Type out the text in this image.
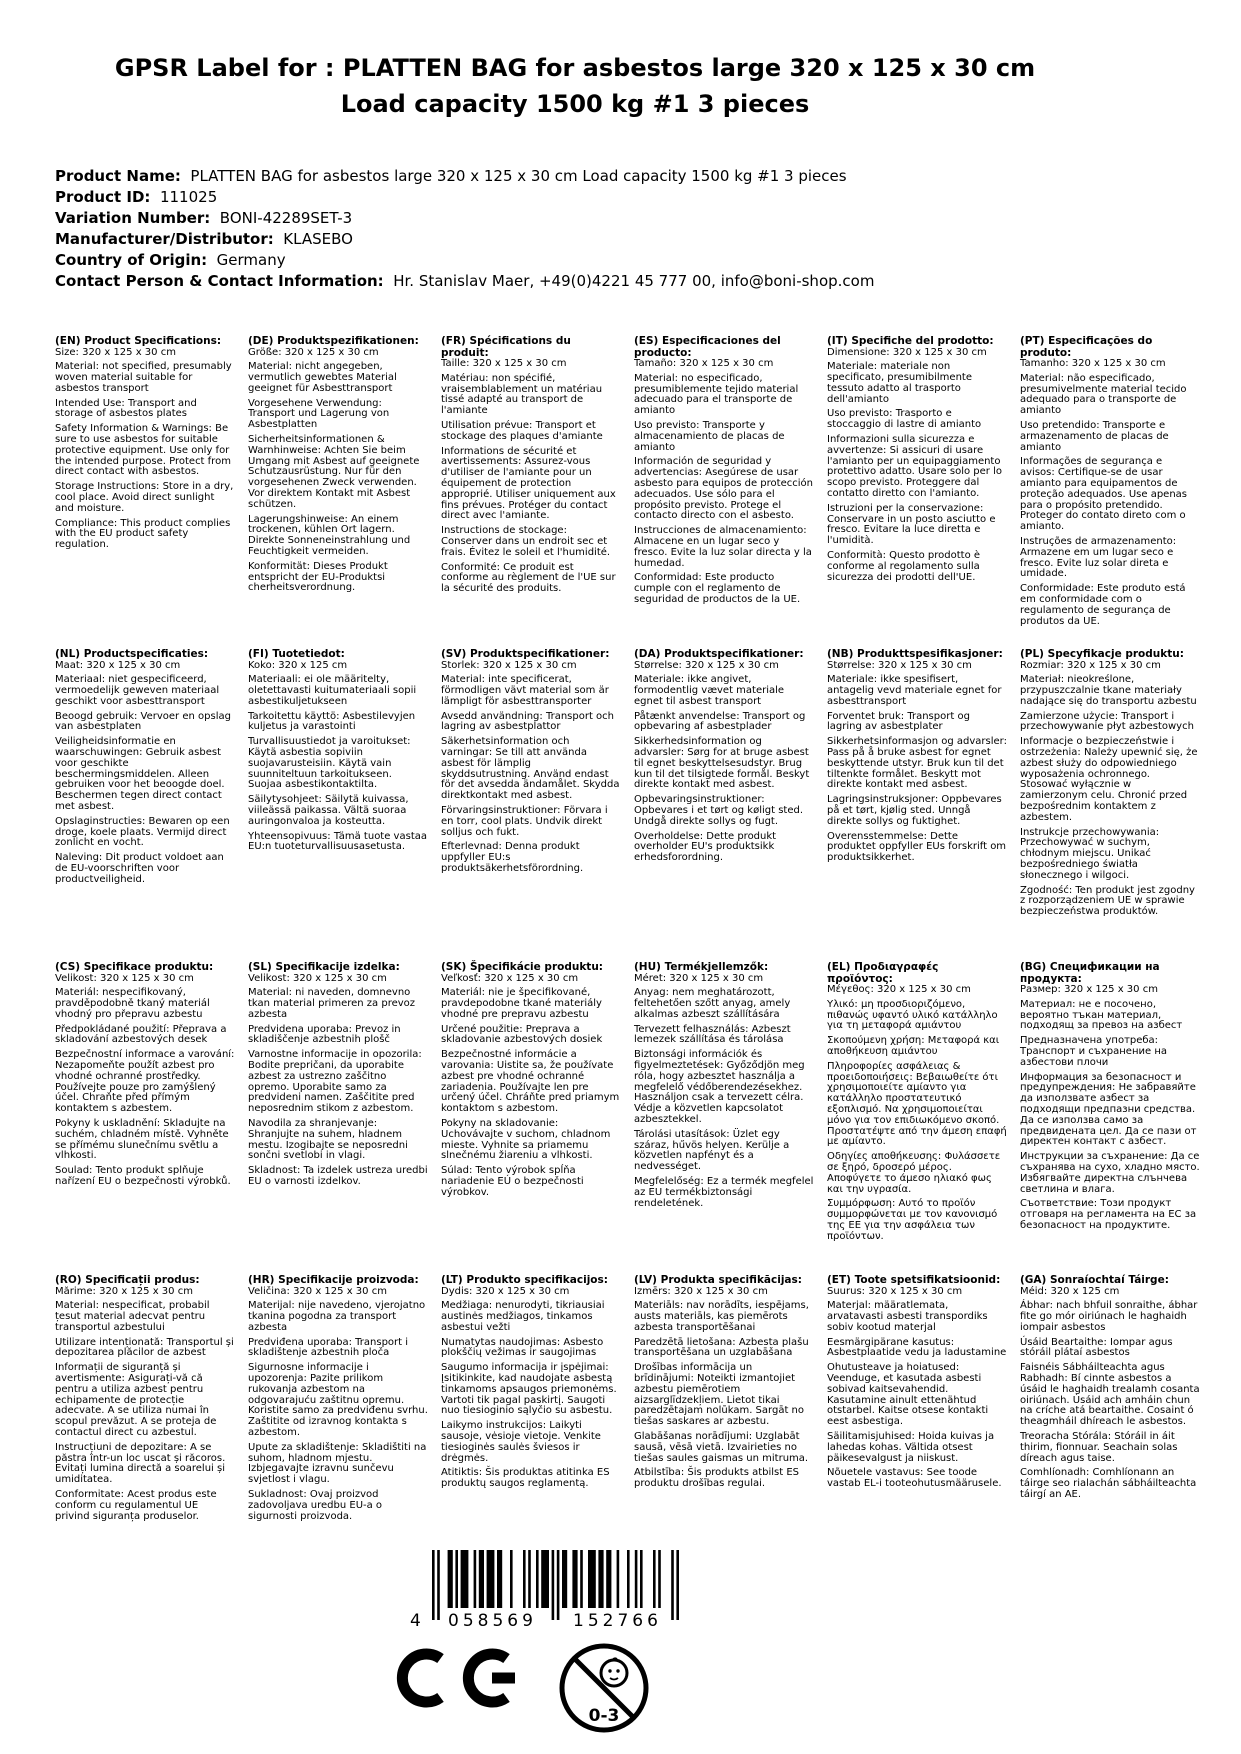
GPSR Label for : PLATTEN BAG for asbestos large 320 x 125 x 30 cm
Load capacity 1500 kg #1 3 pieces
Product Name:  PLATTEN BAG for asbestos large 320 x 125 x 30 cm Load capacity 1500 kg #1 3 pieces
Product ID:  111025
Variation Number:  BONI-42289SET-3
Manufacturer/Distributor:  KLASEBO
Country of Origin:  Germany
Contact Person & Contact Information:  Hr. Stanislav Maer, +49(0)4221 45 777 00, info@boni-shop.com
(EN) Product Specifications:

Size: 320 x 125 x 30 cm

Material: not specified, presumably woven material suitable for asbestos transport

Intended Use: Transport and storage of asbestos plates

Safety Information & Warnings: Be sure to use asbestos for suitable protective equipment. Use only for the intended purpose. Protect from direct contact with asbestos.

Storage Instructions: Store in a dry, cool place. Avoid direct sunlight and moisture.

Compliance: This product complies with the EU product safety regulation.

(DE) Produktspezifikationen:

Größe: 320 x 125 x 30 cm

Material: nicht angegeben, vermutlich gewebtes Material geeignet für Asbesttransport

Vorgesehene Verwendung: Transport und Lagerung von Asbestplatten

Sicherheitsinformationen & Warnhinweise: Achten Sie beim Umgang mit Asbest auf geeignete Schutzausrüstung. Nur für den vorgesehenen Zweck verwenden. Vor direktem Kontakt mit Asbest schützen.

Lagerungshinweise: An einem trockenen, kühlen Ort lagern. Direkte Sonneneinstrahlung und Feuchtigkeit vermeiden.

Konformität: Dieses Produkt entspricht der EU-Produktsi cherheitsverordnung.

(FR) Spécifications du produit:

Taille: 320 x 125 x 30 cm

Matériau: non spécifié, vraisemblablement un matériau tissé adapté au transport de l'amiante

Utilisation prévue: Transport et stockage des plaques d'amiante

Informations de sécurité et avertissements: Assurez-vous d'utiliser de l'amiante pour un équipement de protection approprié. Utiliser uniquement aux fins prévues. Protéger du contact direct avec l'amiante.

Instructions de stockage: Conserver dans un endroit sec et frais. Évitez le soleil et l'humidité.

Conformité: Ce produit est conforme au règlement de l'UE sur la sécurité des produits.

(ES) Especificaciones del producto:

Tamaño: 320 x 125 x 30 cm

Material: no especificado, presumiblemente tejido material adecuado para el transporte de amianto

Uso previsto: Transporte y almacenamiento de placas de amianto

Información de seguridad y advertencias: Asegúrese de usar asbesto para equipos de protección adecuados. Use sólo para el propósito previsto. Protege el contacto directo con el asbesto.

Instrucciones de almacenamiento: Almacene en un lugar seco y fresco. Evite la luz solar directa y la humedad.

Conformidad: Este producto cumple con el reglamento de seguridad de productos de la UE.

(IT) Specifiche del prodotto:

Dimensione: 320 x 125 x 30 cm

Materiale: materiale non specificato, presumibilmente tessuto adatto al trasporto dell'amianto

Uso previsto: Trasporto e stoccaggio di lastre di amianto

Informazioni sulla sicurezza e avvertenze: Si assicuri di usare l'amianto per un equipaggiamento protettivo adatto. Usare solo per lo scopo previsto. Proteggere dal contatto diretto con l'amianto.

Istruzioni per la conservazione: Conservare in un posto asciutto e fresco. Evitare la luce diretta e l'umidità.

Conformità: Questo prodotto è conforme al regolamento sulla sicurezza dei prodotti dell'UE.

(PT) Especificações do produto:

Tamanho: 320 x 125 x 30 cm

Material: não especificado, presumivelmente material tecido adequado para o transporte de amianto

Uso pretendido: Transporte e armazenamento de placas de amianto

Informações de segurança e avisos: Certifique-se de usar amianto para equipamentos de proteção adequados. Use apenas para o propósito pretendido. Proteger do contato direto com o amianto.

Instruções de armazenamento: Armazene em um lugar seco e fresco. Evite luz solar direta e umidade.

Conformidade: Este produto está em conformidade com o regulamento de segurança de produtos da UE.

(NL) Productspecificaties:

Maat: 320 x 125 x 30 cm

Materiaal: niet gespecificeerd, vermoedelijk geweven materiaal geschikt voor asbesttransport

Beoogd gebruik: Vervoer en opslag van asbestplaten

Veiligheidsinformatie en waarschuwingen: Gebruik asbest voor geschikte beschermingsmiddelen. Alleen gebruiken voor het beoogde doel. Beschermen tegen direct contact met asbest.

Opslaginstructies: Bewaren op een droge, koele plaats. Vermijd direct zonlicht en vocht.

Naleving: Dit product voldoet aan de EU-voorschriften voor productveiligheid.

(FI) Tuotetiedot:

Koko: 320 x 125 cm

Materiaali: ei ole määritelty, oletettavasti kuitumateriaali sopii asbestikuljetukseen

Tarkoitettu käyttö: Asbestilevyjen kuljetus ja varastointi

Turvallisuustiedot ja varoitukset: Käytä asbestia sopiviin suojavarusteisiin. Käytä vain suunniteltuun tarkoitukseen. Suojaa asbestikontaktilta.

Säilytysohjeet: Säilytä kuivassa, viileässä paikassa. Vältä suoraa auringonvaloa ja kosteutta.

Yhteensopivuus: Tämä tuote vastaa EU:n tuoteturvallisuusasetusta.

(SV) Produktspecifikationer:

Storlek: 320 x 125 x 30 cm

Material: inte specificerat, förmodligen vävt material som är lämpligt för asbesttransporter

Avsedd användning: Transport och lagring av asbestplattor

Säkerhetsinformation och varningar: Se till att använda asbest för lämplig skyddsutrustning. Använd endast för det avsedda ändamålet. Skydda direktkontakt med asbest.

Förvaringsinstruktioner: Förvara i en torr, cool plats. Undvik direkt solljus och fukt.

Efterlevnad: Denna produkt uppfyller EU:s produktsäkerhetsförordning.

(DA) Produktspecifikationer:

Størrelse: 320 x 125 x 30 cm

Materiale: ikke angivet, formodentlig vævet materiale egnet til asbest transport

Påtænkt anvendelse: Transport og opbevaring af asbestplader

Sikkerhedsinformation og advarsler: Sørg for at bruge asbest til egnet beskyttelsesudstyr. Brug kun til det tilsigtede formål. Beskyt direkte kontakt med asbest.

Opbevaringsinstruktioner: Opbevares i et tørt og køligt sted. Undgå direkte sollys og fugt.

Overholdelse: Dette produkt overholder EU's produktsikk erhedsforordning.

(NB) Produkttspesifikasjoner:

Størrelse: 320 x 125 x 30 cm

Materiale: ikke spesifisert, antagelig vevd materiale egnet for asbesttransport

Forventet bruk: Transport og lagring av asbestplater

Sikkerhetsinformasjon og advarsler: Pass på å bruke asbest for egnet beskyttende utstyr. Bruk kun til det tiltenkte formålet. Beskytt mot direkte kontakt med asbest.

Lagringsinstruksjoner: Oppbevares på et tørt, kjølig sted. Unngå direkte sollys og fuktighet.

Overensstemmelse: Dette produktet oppfyller EUs forskrift om produktsikkerhet.

(PL) Specyfikacje produktu:

Rozmiar: 320 x 125 x 30 cm

Materiał: nieokreślone, przypuszczalnie tkane materiały nadające się do transportu azbestu

Zamierzone użycie: Transport i przechowywanie płyt azbestowych

Informacje o bezpieczeństwie i ostrzeżenia: Należy upewnić się, że azbest służy do odpowiedniego wyposażenia ochronnego. Stosować wyłącznie w zamierzonym celu. Chronić przed bezpośrednim kontaktem z azbestem.

Instrukcje przechowywania: Przechowywać w suchym, chłodnym miejscu. Unikać bezpośredniego światła słonecznego i wilgoci.

Zgodność: Ten produkt jest zgodny z rozporządzeniem UE w sprawie bezpieczeństwa produktów.

(CS) Specifikace produktu:

Velikost: 320 x 125 x 30 cm

Materiál: nespecifikovaný, pravděpodobně tkaný materiál vhodný pro přepravu azbestu

Předpokládané použití: Přeprava a skladování azbestových desek

Bezpečnostní informace a varování: Nezapomeňte použít azbest pro vhodné ochranné prostředky. Používejte pouze pro zamýšlený účel. Chraňte před přímým kontaktem s azbestem.

Pokyny k uskladnění: Skladujte na suchém, chladném místě. Vyhněte se přímému slunečnímu světlu a vlhkosti.

Soulad: Tento produkt splňuje nařízení EU o bezpečnosti výrobků.

(SL) Specifikacije izdelka:

Velikost: 320 x 125 x 30 cm

Material: ni naveden, domnevno tkan material primeren za prevoz azbesta

Predvidena uporaba: Prevoz in skladiščenje azbestnih plošč

Varnostne informacije in opozorila: Bodite prepričani, da uporabite azbest za ustrezno zaščitno opremo. Uporabite samo za predvideni namen. Zaščitite pred neposrednim stikom z azbestom.

Navodila za shranjevanje: Shranjujte na suhem, hladnem mestu. Izogibajte se neposredni sončni svetlobi in vlagi.

Skladnost: Ta izdelek ustreza uredbi EU o varnosti izdelkov.

(SK) Špecifikácie produktu:

Veľkosť: 320 x 125 x 30 cm

Materiál: nie je špecifikované, pravdepodobne tkané materiály vhodné pre prepravu azbestu

Určené použitie: Preprava a skladovanie azbestových dosiek

Bezpečnostné informácie a varovania: Uistite sa, že používate azbest pre vhodné ochranné zariadenia. Používajte len pre určený účel. Chráňte pred priamym kontaktom s azbestom.

Pokyny na skladovanie: Uchovávajte v suchom, chladnom mieste. Vyhnite sa priamemu slnečnému žiareniu a vlhkosti.

Súlad: Tento výrobok spĺňa nariadenie EÚ o bezpečnosti výrobkov.

(HU) Termékjellemzők:

Méret: 320 x 125 x 30 cm

Anyag: nem meghatározott, feltehetően szőtt anyag, amely alkalmas azbeszt szállítására

Tervezett felhasználás: Azbeszt lemezek szállítása és tárolása

Biztonsági információk és figyelmeztetések: Győződjön meg róla, hogy azbesztet használja a megfelelő védőberendezésekhez. Használjon csak a tervezett célra. Védje a közvetlen kapcsolatot azbesztekkel.

Tárolási utasítások: Üzlet egy száraz, hűvös helyen. Kerülje a közvetlen napfényt és a nedvességet.

Megfelelőség: Ez a termék megfelel az EU termékbiztonsági rendeletének.

(EL) Προδιαγραφές προϊόντος:

Μέγεθος: 320 x 125 x 30 cm

Υλικό: μη προσδιοριζόμενο, πιθανώς υφαντό υλικό κατάλληλο για τη μεταφορά αμιάντου

Σκοπούμενη χρήση: Μεταφορά και αποθήκευση αμιάντου

Πληροφορίες ασφάλειας & προειδοποιήσεις: Βεβαιωθείτε ότι χρησιμοποιείτε αμίαντο για κατάλληλο προστατευτικό εξοπλισμό. Να χρησιμοποιείται μόνο για τον επιδιωκόμενο σκοπό. Προστατέψτε από την άμεση επαφή με αμίαντο.

Οδηγίες αποθήκευσης: Φυλάσσετε σε ξηρό, δροσερό μέρος. Αποφύγετε το άμεσο ηλιακό φως και την υγρασία.

Συμμόρφωση: Αυτό το προϊόν συμμορφώνεται με τον κανονισμό της ΕΕ για την ασφάλεια των προϊόντων.

(BG) Спецификации на продукта:

Размер: 320 x 125 x 30 cm

Материал: не е посочено, вероятно тъкан материал, подходящ за превоз на азбест

Предназначена употреба: Транспорт и съхранение на азбестови плочи

Информация за безопасност и предупреждения: Не забравяйте да използвате азбест за подходящи предпазни средства. Да се използва само за предвидената цел. Да се пази от директен контакт с азбест.

Инструкции за съхранение: Да се съхранява на сухо, хладно място. Избягвайте директна слънчева светлина и влага.

Съответствие: Този продукт отговаря на регламента на ЕС за безопасност на продуктите.

(RO) Specificații produs:

Mărime: 320 x 125 x 30 cm

Material: nespecificat, probabil țesut material adecvat pentru transportul azbestului

Utilizare intenționată: Transportul și depozitarea plăcilor de azbest

Informații de siguranță și avertismente: Asigurați-vă că pentru a utiliza azbest pentru echipamente de protecție adecvate. A se utiliza numai în scopul prevăzut. A se proteja de contactul direct cu azbestul.

Instrucțiuni de depozitare: A se păstra într-un loc uscat și răcoros. Evitați lumina directă a soarelui și umiditatea.

Conformitate: Acest produs este conform cu regulamentul UE privind siguranța produselor.

(HR) Specifikacije proizvoda:

Veličina: 320 x 125 x 30 cm

Materijal: nije navedeno, vjerojatno tkanina pogodna za transport azbesta

Predviđena uporaba: Transport i skladištenje azbestnih ploča

Sigurnosne informacije i upozorenja: Pazite prilikom rukovanja azbestom na odgovarajuću zaštitnu opremu. Koristite samo za predviđenu svrhu. Zaštitite od izravnog kontakta s azbestom.

Upute za skladištenje: Skladištiti na suhom, hladnom mjestu. Izbjegavajte izravnu sunčevu svjetlost i vlagu.

Sukladnost: Ovaj proizvod zadovoljava uredbu EU-a o sigurnosti proizvoda.

(LT) Produkto specifikacijos:

Dydis: 320 x 125 x 30 cm

Medžiaga: nenurodyti, tikriausiai austinės medžiagos, tinkamos asbestui vežti

Numatytas naudojimas: Asbesto plokščių vežimas ir saugojimas

Saugumo informacija ir įspėjimai: Įsitikinkite, kad naudojate asbestą tinkamoms apsaugos priemonėms. Vartoti tik pagal paskirtį. Saugoti nuo tiesioginio sąlyčio su asbestu.

Laikymo instrukcijos: Laikyti sausoje, vėsioje vietoje. Venkite tiesioginės saulės šviesos ir drėgmės.

Atitiktis: Šis produktas atitinka ES produktų saugos reglamentą.

(LV) Produkta specifikācijas:

Izmērs: 320 x 125 x 30 cm

Materiāls: nav norādīts, iespējams, austs materiāls, kas piemērots azbesta transportēšanai

Paredzētā lietošana: Azbesta plašu transportēšana un uzglabāšana

Drošības informācija un brīdinājumi: Noteikti izmantojiet azbestu piemērotiem aizsarglīdzekļiem. Lietot tikai paredzētajam nolūkam. Sargāt no tiešas saskares ar azbestu.

Glabāšanas norādījumi: Uzglabāt sausā, vēsā vietā. Izvairieties no tiešas saules gaismas un mitruma.

Atbilstība: Šis produkts atbilst ES produktu drošības regulai.

(ET) Toote spetsifikatsioonid:

Suurus: 320 x 125 x 30 cm

Materjal: määratlemata, arvatavasti asbesti transpordiks sobiv kootud materjal

Eesmärgipärane kasutus: Asbestplaatide vedu ja ladustamine

Ohutusteave ja hoiatused: Veenduge, et kasutada asbesti sobivad kaitsevahendid. Kasutamine ainult ettenähtud otstarbel. Kaitse otsese kontakti eest asbestiga.

Säilitamisjuhised: Hoida kuivas ja lahedas kohas. Vältida otsest päikesevalgust ja niiskust.

Nõuetele vastavus: See toode vastab EL-i tooteohutusmäärusele.

(GA) Sonraíochtaí Táirge:

Méid: 320 x 125 cm

Ábhar: nach bhfuil sonraithe, ábhar fite go mór oiriúnach le haghaidh iompair asbestos

Úsáid Beartaithe: Iompar agus stóráil plátaí asbestos

Faisnéis Sábháilteachta agus Rabhadh: Bí cinnte asbestos a úsáid le haghaidh trealamh cosanta oiriúnach. Úsáid ach amháin chun na críche atá beartaithe. Cosaint ó theagmháil dhíreach le asbestos.

Treoracha Stórála: Stóráil in áit thirim, fionnuar. Seachain solas díreach agus taise.

Comhlíonadh: Comhlíonann an táirge seo rialachán sábháilteachta táirgí an AE.

4	058569	152766
0-3
